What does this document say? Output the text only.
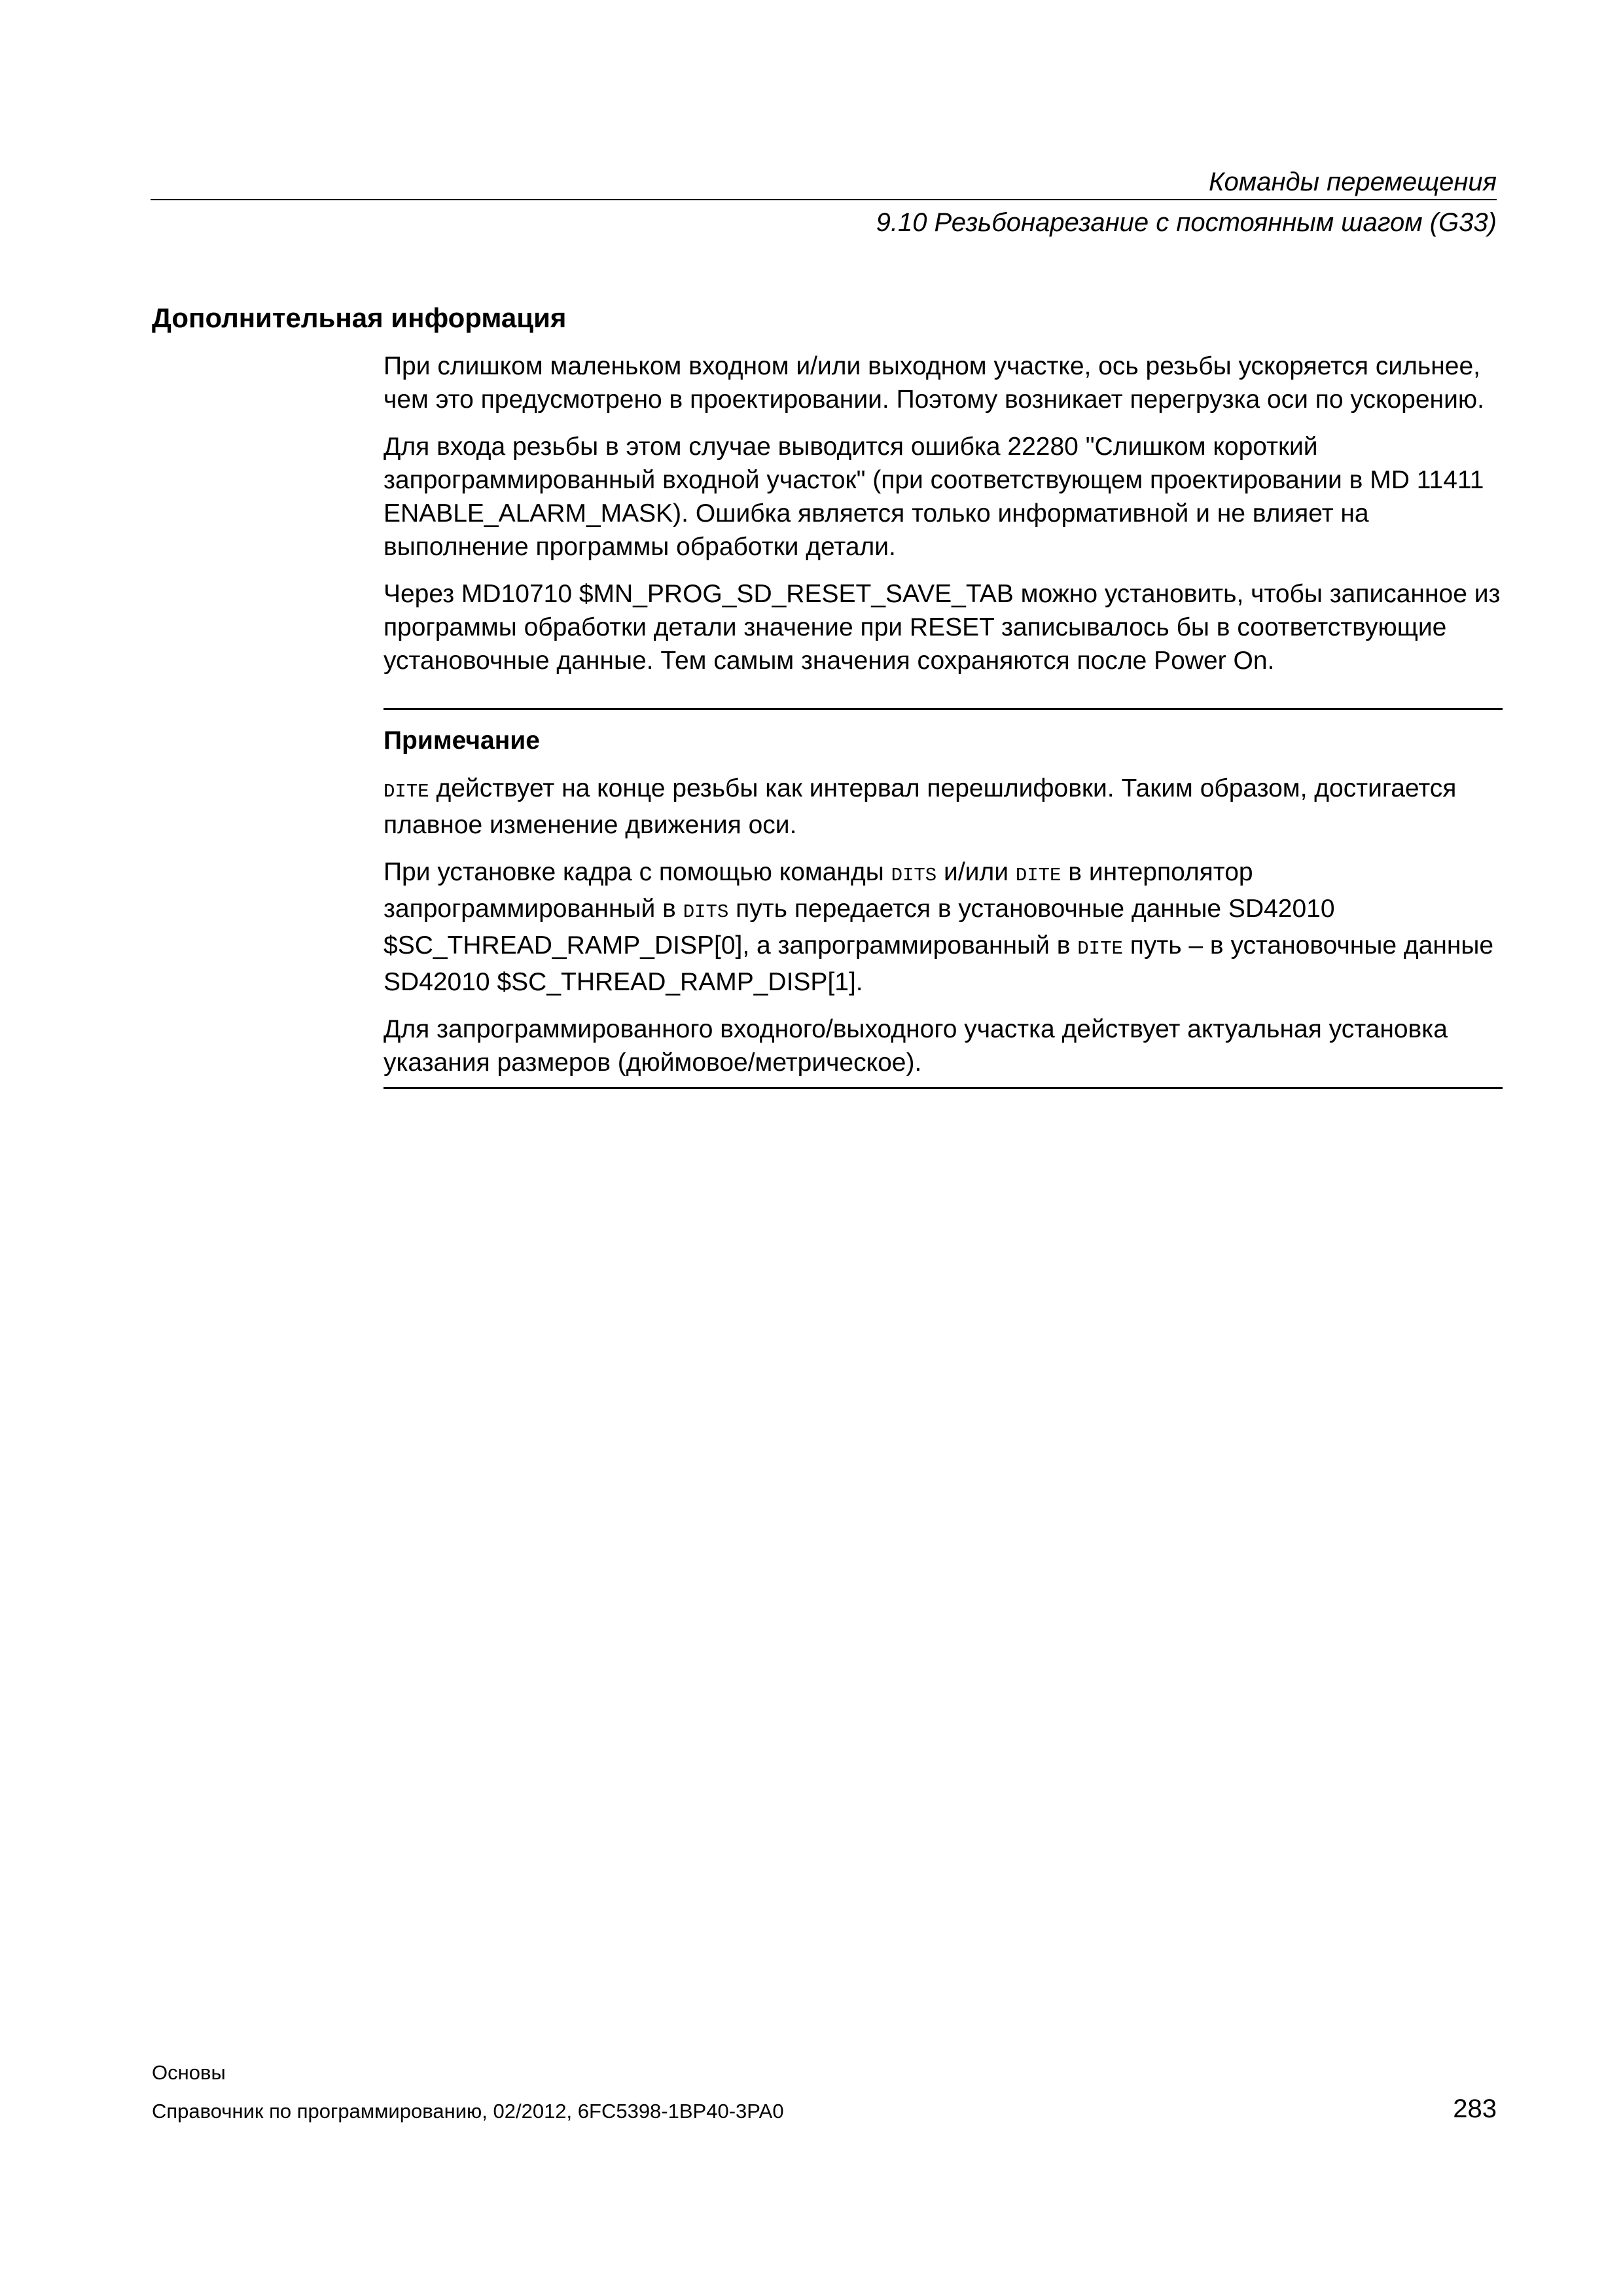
Команды перемещения
9.10 Резьбонарезание с постоянным шагом (G33)
Дополнительная информация

При слишком маленьком входном и/или выходном участке, ось резьбы ускоряется сильнее, чем это предусмотрено в проектировании. Поэтому возникает перегрузка оси по ускорению.

Для входа резьбы в этом случае выводится ошибка 22280 "Слишком короткий запрограммированный входной участок" (при соответствующем проектировании в MD 11411 ENABLE_ALARM_MASK). Ошибка является только информативной и не влияет на выполнение программы обработки детали.

Через MD10710 $MN_PROG_SD_RESET_SAVE_TAB можно установить, чтобы записанное из программы обработки детали значение при RESET записывалось бы в соответствующие установочные данные. Тем самым значения сохраняются после Power On.

Примечание

DITE действует на конце резьбы как интервал перешлифовки. Таким образом, достигается плавное изменение движения оси.

При установке кадра с помощью команды DITS и/или DITE в интерполятор запрограммированный в DITS путь передается в установочные данные SD42010 $SC_THREAD_RAMP_DISP[0], а запрограммированный в DITE путь – в установочные данные SD42010 $SC_THREAD_RAMP_DISP[1].

Для запрограммированного входного/выходного участка действует актуальная установка указания размеров (дюймовое/метрическое).

Основы
Справочник по программированию, 02/2012, 6FC5398-1BP40-3PA0	283
